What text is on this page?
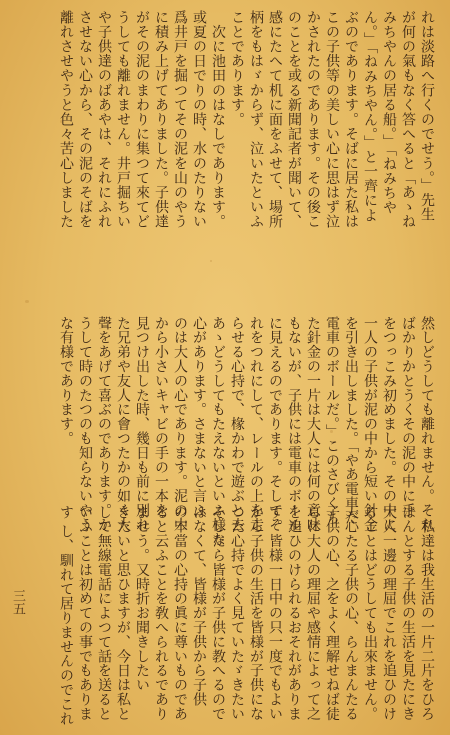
れは淡路へ行くのでせう。」先生
が何の氣もなく答へると「あゝね
みちやんの居る船。」「ねみちや
ん。」「ねみちやん。」と一齊によ
ぶのであります。そばに居た私は
この子供等の美しい心に思はず泣
かされたのであります。その後こ
のことを或る新聞記者が聞いて、
感にたへて机に面をふせて、場所
柄をもはゞからず、泣いたといふ
ことであります。
　次に池田のはなしであります。
或夏の日でりの時、水のたりない
爲井戸を掘つてその泥を山のやう
に積み上げてありました。子供達
がその泥のまわりに集つて來てど
うしても離れません。井戸掘ちい
や子供達のばあやは、それにふれ
させない心から、その泥のそばを
離れさせやうと色々苦心しました
然しどうしても離れません。それ
ばかりかとうくその泥の中に手
をつっこみ初めました。その中に
一人の子供が泥の中から短い針金
を引き出しました。「やあ電車だ
電車のボールだ。」このさびくち
た針金の一片は大人には何の意味
もないが、子供には電車のボール
に見えるのであります。そしてそ
れをつれにして、レールの上を走
らせる心持で、椽かわで遊ぶと去
あゝどうしてもたえないといふ様な
心があります。さまないと言ふ
のは大人の心であります。泥の中
から小さいキャビの手の一本を
見つけ出した時、幾日も前に別れ
た兄弟や友人に會つたかの如く大
聲をあげて喜ぶのであります。か
うして時のたつのも知らないやう
な有様であります。
　私達は我生活の一片二片をひろ
はんとする子供の生活を見たにき
大人一邊の理屈でこれを追ひのけ
ることはどうしても出來ません。
天心たる子供の心、らんまんたる
子供の心、之をよく理解せねば徒
らに大人の理屈や感情によって之
を追ひのけられるおそれがありま
す。皆様一日中の只一度でもよい
から子供の生活を皆様が子供にな
つた心持でよく見ていたゞきたい
そしたら皆様が子供に教へるので
はなくて、皆様が子供から子供
の本當の心持の眞に尊いものであ
ると云ふことを敎へられるであり
ませう。又時折お聞きしたい
きたいと思ひますが、今日は私と
して無線電話によつて話を送ると
いふことは初めての事でもありま
す し、馴れて居りませんのでこれ
三五
